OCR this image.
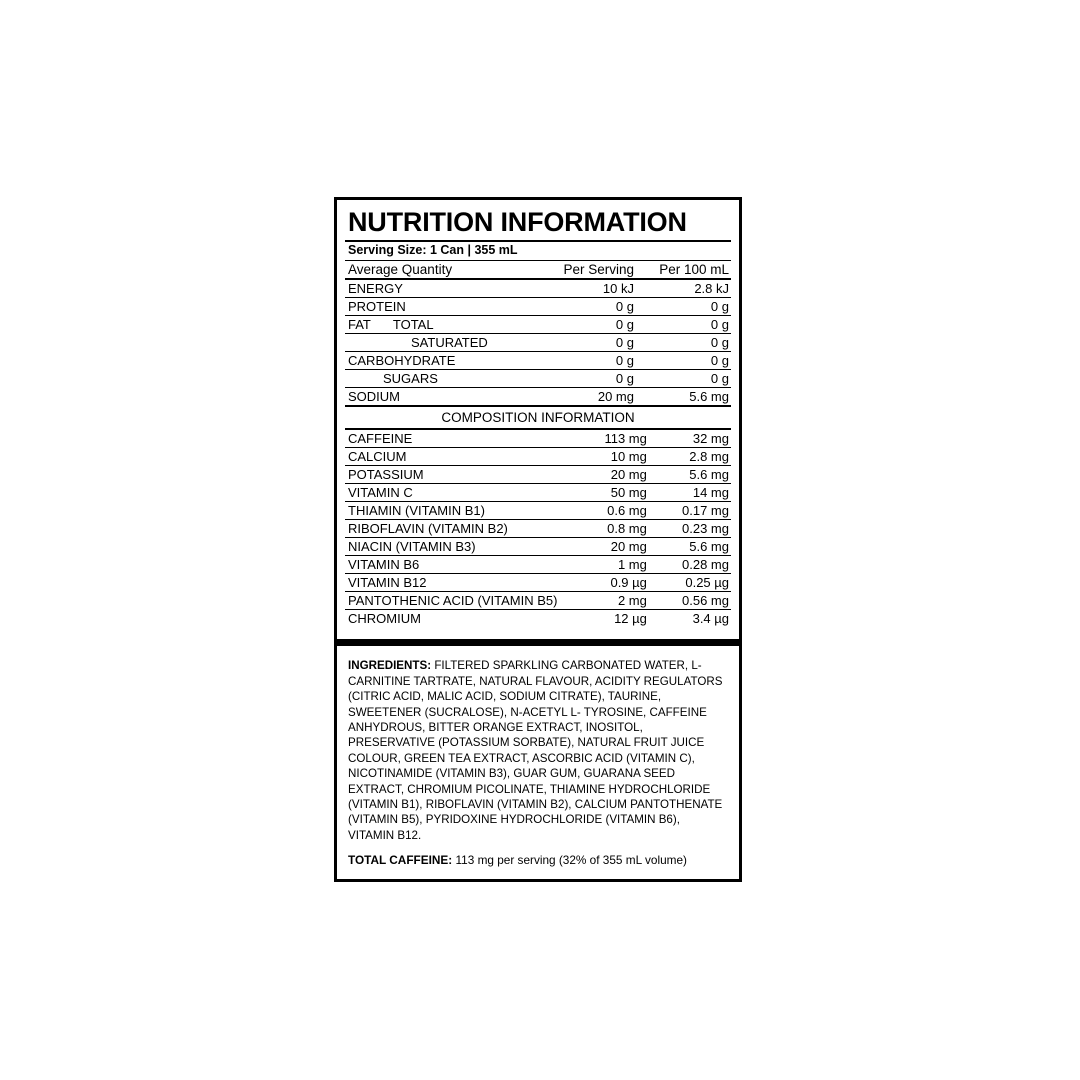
NUTRITION INFORMATION
Serving Size: 1 Can | 355 mL
Average Quantity	Per Serving	Per 100 mL
ENERGY	10 kJ	2.8 kJ
PROTEIN	0 g	0 g
FAT TOTAL	0 g	0 g
SATURATED	0 g	0 g
CARBOHYDRATE	0 g	0 g
SUGARS	0 g	0 g
SODIUM	20 mg	5.6 mg
COMPOSITION INFORMATION
CAFFEINE	113 mg	32 mg
CALCIUM	10 mg	2.8 mg
POTASSIUM	20 mg	5.6 mg
VITAMIN C	50 mg	14 mg
THIAMIN (VITAMIN B1)	0.6 mg	0.17 mg
RIBOFLAVIN (VITAMIN B2)	0.8 mg	0.23 mg
NIACIN (VITAMIN B3)	20 mg	5.6 mg
VITAMIN B6	1 mg	0.28 mg
VITAMIN B12	0.9 µg	0.25 µg
PANTOTHENIC ACID (VITAMIN B5)	2 mg	0.56 mg
CHROMIUM	12 µg	3.4 µg
INGREDIENTS: FILTERED SPARKLING CARBONATED WATER, L- CARNITINE TARTRATE, NATURAL FLAVOUR, ACIDITY REGULATORS (CITRIC ACID, MALIC ACID, SODIUM CITRATE), TAURINE, SWEETENER (SUCRALOSE), N-ACETYL L- TYROSINE, CAFFEINE ANHYDROUS, BITTER ORANGE EXTRACT, INOSITOL, PRESERVATIVE (POTASSIUM SORBATE), NATURAL FRUIT JUICE COLOUR, GREEN TEA EXTRACT, ASCORBIC ACID (VITAMIN C), NICOTINAMIDE (VITAMIN B3), GUAR GUM, GUARANA SEED EXTRACT, CHROMIUM PICOLINATE, THIAMINE HYDROCHLORIDE (VITAMIN B1), RIBOFLAVIN (VITAMIN B2), CALCIUM PANTOTHENATE (VITAMIN B5), PYRIDOXINE HYDROCHLORIDE (VITAMIN B6), VITAMIN B12.
TOTAL CAFFEINE: 113 mg per serving (32% of 355 mL volume)
